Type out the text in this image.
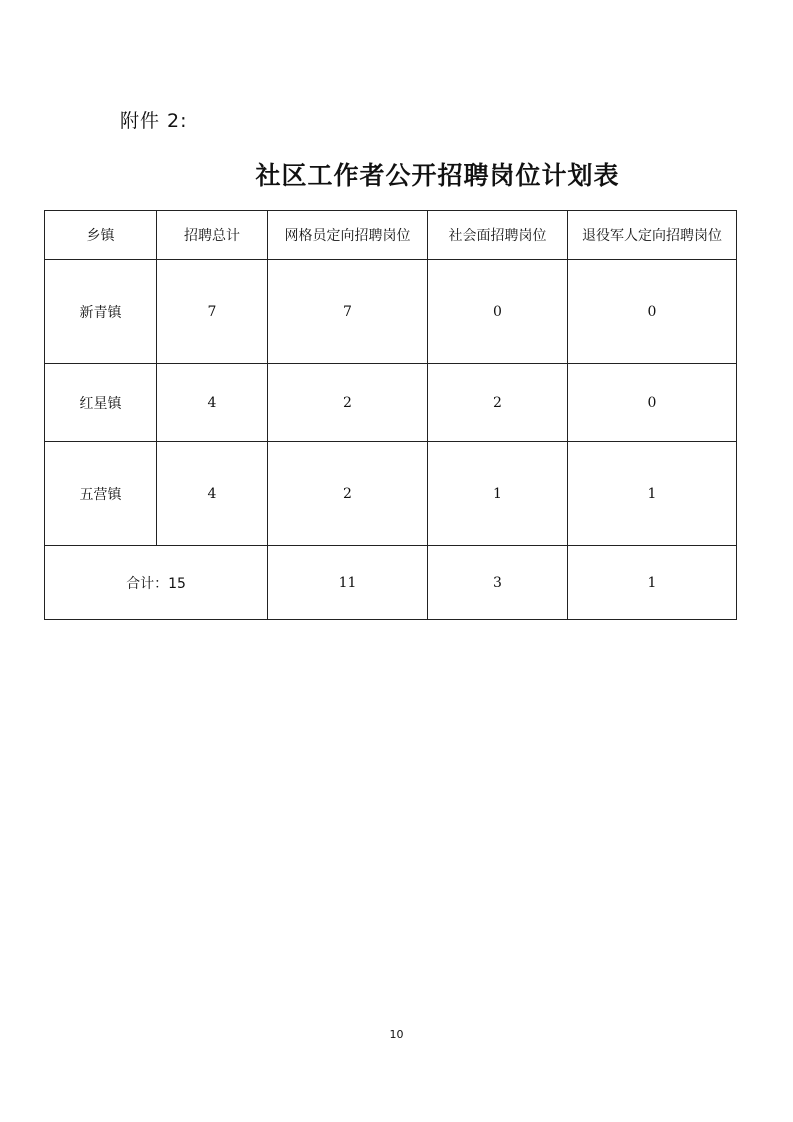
附件 2:
社区工作者公开招聘岗位计划表
乡镇	招聘总计	网格员定向招聘岗位	社会面招聘岗位	退役军人定向招聘岗位
新青镇	7	7	0	0
红星镇	4	2	2	0
五营镇	4	2	1	1
合计：15		11	3	1
10
